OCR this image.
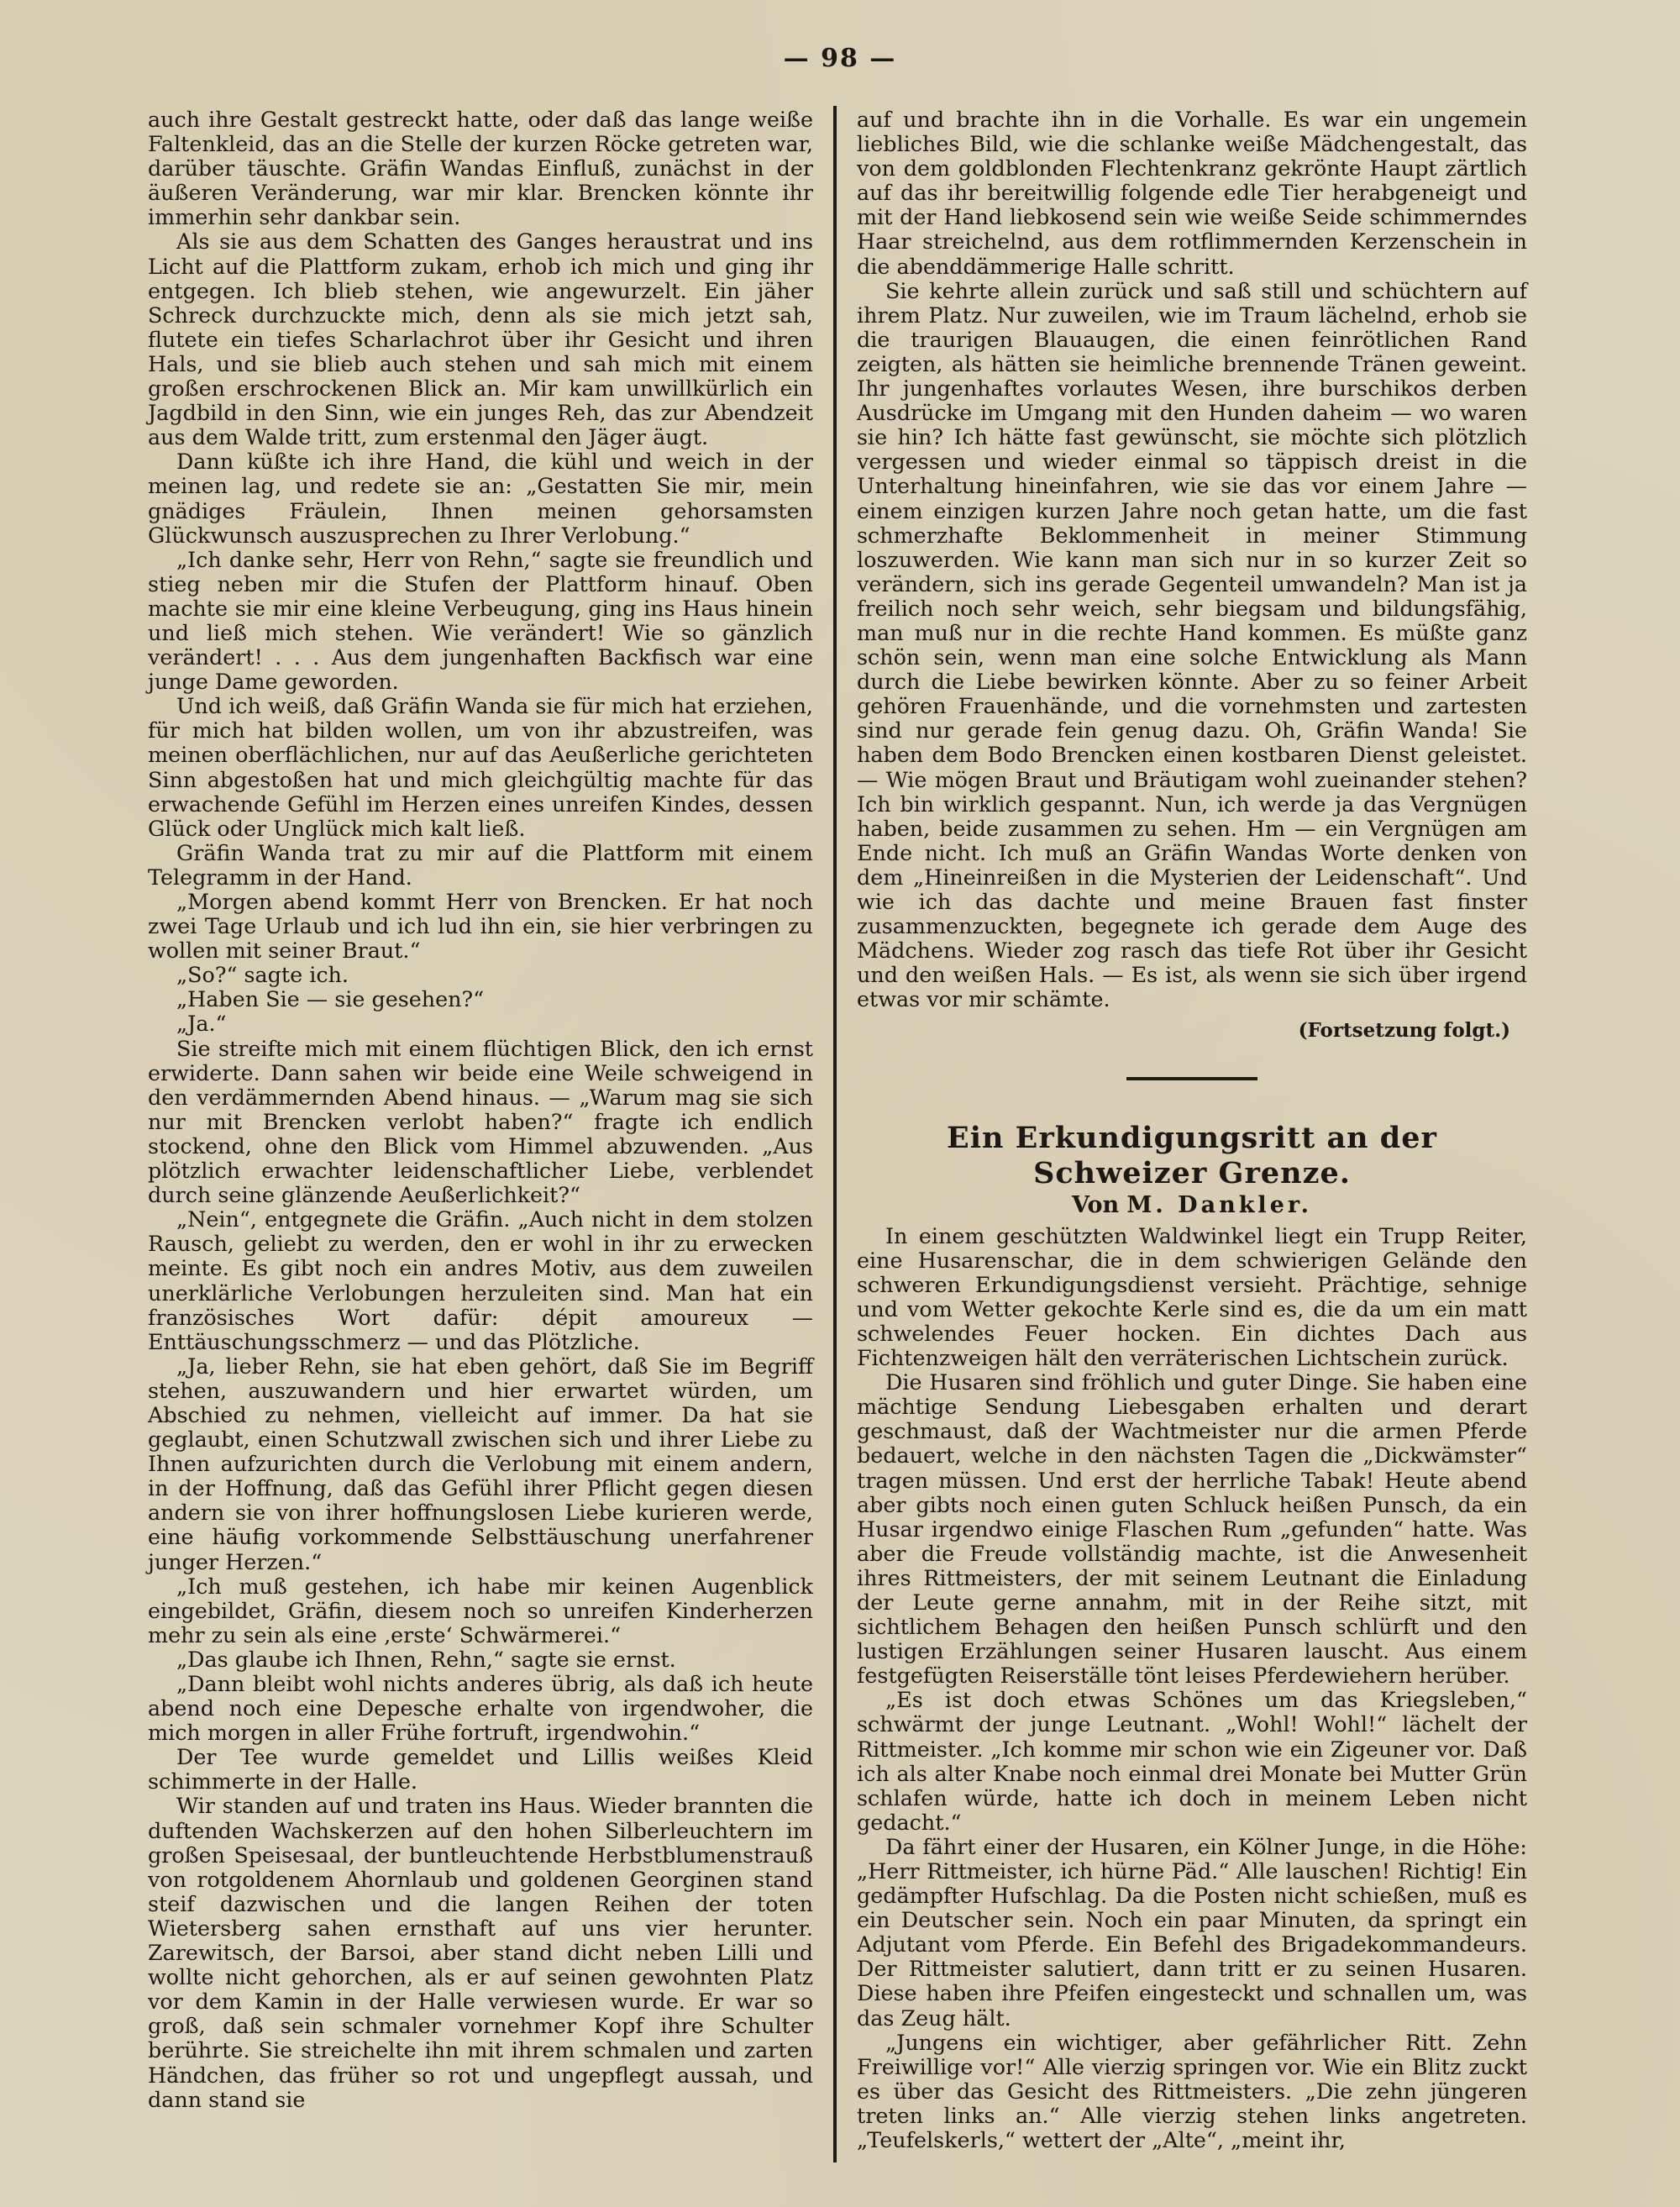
— 98 —

auch ihre Gestalt gestreckt hatte, oder daß das lange weiße Faltenkleid, das an die Stelle der kurzen Röcke getreten war, darüber täuschte. Gräfin Wandas Einfluß, zunächst in der äußeren Veränderung, war mir klar. Brencken könnte ihr immerhin sehr dankbar sein.

Als sie aus dem Schatten des Ganges heraustrat und ins Licht auf die Plattform zukam, erhob ich mich und ging ihr entgegen. Ich blieb stehen, wie angewurzelt. Ein jäher Schreck durchzuckte mich, denn als sie mich jetzt sah, flutete ein tiefes Scharlachrot über ihr Gesicht und ihren Hals, und sie blieb auch stehen und sah mich mit einem großen erschrockenen Blick an. Mir kam unwillkürlich ein Jagdbild in den Sinn, wie ein junges Reh, das zur Abendzeit aus dem Walde tritt, zum erstenmal den Jäger äugt.

Dann küßte ich ihre Hand, die kühl und weich in der meinen lag, und redete sie an: „Gestatten Sie mir, mein gnädiges Fräulein, Ihnen meinen gehorsamsten Glückwunsch auszusprechen zu Ihrer Verlobung.“

„Ich danke sehr, Herr von Rehn,“ sagte sie freundlich und stieg neben mir die Stufen der Plattform hinauf. Oben machte sie mir eine kleine Verbeugung, ging ins Haus hinein und ließ mich stehen. Wie verändert! Wie so gänzlich verändert! . . . Aus dem jungenhaften Backfisch war eine junge Dame geworden.

Und ich weiß, daß Gräfin Wanda sie für mich hat erziehen, für mich hat bilden wollen, um von ihr abzustreifen, was meinen oberflächlichen, nur auf das Aeußerliche gerichteten Sinn abgestoßen hat und mich gleichgültig machte für das erwachende Gefühl im Herzen eines unreifen Kindes, dessen Glück oder Unglück mich kalt ließ.

Gräfin Wanda trat zu mir auf die Plattform mit einem Telegramm in der Hand.

„Morgen abend kommt Herr von Brencken. Er hat noch zwei Tage Urlaub und ich lud ihn ein, sie hier verbringen zu wollen mit seiner Braut.“

„So?“ sagte ich.

„Haben Sie — sie gesehen?“

„Ja.“

Sie streifte mich mit einem flüchtigen Blick, den ich ernst erwiderte. Dann sahen wir beide eine Weile schweigend in den verdämmernden Abend hinaus. — „Warum mag sie sich nur mit Brencken verlobt haben?“ fragte ich endlich stockend, ohne den Blick vom Himmel abzuwenden. „Aus plötzlich erwachter leidenschaftlicher Liebe, verblendet durch seine glänzende Aeußerlichkeit?“

„Nein“, entgegnete die Gräfin. „Auch nicht in dem stolzen Rausch, geliebt zu werden, den er wohl in ihr zu erwecken meinte. Es gibt noch ein andres Motiv, aus dem zuweilen unerklärliche Verlobungen herzuleiten sind. Man hat ein französisches Wort dafür: dépit amoureux — Enttäuschungsschmerz — und das Plötzliche.

„Ja, lieber Rehn, sie hat eben gehört, daß Sie im Begriff stehen, auszuwandern und hier erwartet würden, um Abschied zu nehmen, vielleicht auf immer. Da hat sie geglaubt, einen Schutzwall zwischen sich und ihrer Liebe zu Ihnen aufzurichten durch die Verlobung mit einem andern, in der Hoffnung, daß das Gefühl ihrer Pflicht gegen diesen andern sie von ihrer hoffnungslosen Liebe kurieren werde, eine häufig vorkommende Selbsttäuschung unerfahrener junger Herzen.“

„Ich muß gestehen, ich habe mir keinen Augenblick eingebildet, Gräfin, diesem noch so unreifen Kinderherzen mehr zu sein als eine ‚erste‘ Schwärmerei.“

„Das glaube ich Ihnen, Rehn,“ sagte sie ernst.

„Dann bleibt wohl nichts anderes übrig, als daß ich heute abend noch eine Depesche erhalte von irgendwoher, die mich morgen in aller Frühe fortruft, irgendwohin.“

Der Tee wurde gemeldet und Lillis weißes Kleid schimmerte in der Halle.

Wir standen auf und traten ins Haus. Wieder brannten die duftenden Wachskerzen auf den hohen Silberleuchtern im großen Speisesaal, der buntleuchtende Herbstblumenstrauß von rotgoldenem Ahornlaub und goldenen Georginen stand steif dazwischen und die langen Reihen der toten Wietersberg sahen ernsthaft auf uns vier herunter. Zarewitsch, der Barsoi, aber stand dicht neben Lilli und wollte nicht gehorchen, als er auf seinen gewohnten Platz vor dem Kamin in der Halle verwiesen wurde. Er war so groß, daß sein schmaler vornehmer Kopf ihre Schulter berührte. Sie streichelte ihn mit ihrem schmalen und zarten Händchen, das früher so rot und ungepflegt aussah, und dann stand sie

auf und brachte ihn in die Vorhalle. Es war ein ungemein liebliches Bild, wie die schlanke weiße Mädchengestalt, das von dem goldblonden Flechtenkranz gekrönte Haupt zärtlich auf das ihr bereitwillig folgende edle Tier herabgeneigt und mit der Hand liebkosend sein wie weiße Seide schimmerndes Haar streichelnd, aus dem rotflimmernden Kerzenschein in die abenddämmerige Halle schritt.

Sie kehrte allein zurück und saß still und schüchtern auf ihrem Platz. Nur zuweilen, wie im Traum lächelnd, erhob sie die traurigen Blauaugen, die einen feinrötlichen Rand zeigten, als hätten sie heimliche brennende Tränen geweint. Ihr jungenhaftes vorlautes Wesen, ihre burschikos derben Ausdrücke im Umgang mit den Hunden daheim — wo waren sie hin? Ich hätte fast gewünscht, sie möchte sich plötzlich vergessen und wieder einmal so täppisch dreist in die Unterhaltung hineinfahren, wie sie das vor einem Jahre — einem einzigen kurzen Jahre noch getan hatte, um die fast schmerzhafte Beklommenheit in meiner Stimmung loszuwerden. Wie kann man sich nur in so kurzer Zeit so verändern, sich ins gerade Gegenteil umwandeln? Man ist ja freilich noch sehr weich, sehr biegsam und bildungsfähig, man muß nur in die rechte Hand kommen. Es müßte ganz schön sein, wenn man eine solche Entwicklung als Mann durch die Liebe bewirken könnte. Aber zu so feiner Arbeit gehören Frauenhände, und die vornehmsten und zartesten sind nur gerade fein genug dazu. Oh, Gräfin Wanda! Sie haben dem Bodo Brencken einen kostbaren Dienst geleistet. — Wie mögen Braut und Bräutigam wohl zueinander stehen? Ich bin wirklich gespannt. Nun, ich werde ja das Vergnügen haben, beide zusammen zu sehen. Hm — ein Vergnügen am Ende nicht. Ich muß an Gräfin Wandas Worte denken von dem „Hineinreißen in die Mysterien der Leidenschaft“. Und wie ich das dachte und meine Brauen fast finster zusammenzuckten, begegnete ich gerade dem Auge des Mädchens. Wieder zog rasch das tiefe Rot über ihr Gesicht und den weißen Hals. — Es ist, als wenn sie sich über irgend etwas vor mir schämte.

(Fortsetzung folgt.)
Ein Erkundigungsritt an der Schweizer Grenze.
Von M. Dankler.

In einem geschützten Waldwinkel liegt ein Trupp Reiter, eine Husarenschar, die in dem schwierigen Gelände den schweren Erkundigungsdienst versieht. Prächtige, sehnige und vom Wetter gekochte Kerle sind es, die da um ein matt schwelendes Feuer hocken. Ein dichtes Dach aus Fichtenzweigen hält den verräterischen Lichtschein zurück.

Die Husaren sind fröhlich und guter Dinge. Sie haben eine mächtige Sendung Liebesgaben erhalten und derart geschmaust, daß der Wachtmeister nur die armen Pferde bedauert, welche in den nächsten Tagen die „Dickwämster“ tragen müssen. Und erst der herrliche Tabak! Heute abend aber gibts noch einen guten Schluck heißen Punsch, da ein Husar irgendwo einige Flaschen Rum „gefunden“ hatte. Was aber die Freude vollständig machte, ist die Anwesenheit ihres Rittmeisters, der mit seinem Leutnant die Einladung der Leute gerne annahm, mit in der Reihe sitzt, mit sichtlichem Behagen den heißen Punsch schlürft und den lustigen Erzählungen seiner Husaren lauscht. Aus einem festgefügten Reiserställe tönt leises Pferdewiehern herüber.

„Es ist doch etwas Schönes um das Kriegsleben,“ schwärmt der junge Leutnant. „Wohl! Wohl!“ lächelt der Rittmeister. „Ich komme mir schon wie ein Zigeuner vor. Daß ich als alter Knabe noch einmal drei Monate bei Mutter Grün schlafen würde, hatte ich doch in meinem Leben nicht gedacht.“

Da fährt einer der Husaren, ein Kölner Junge, in die Höhe: „Herr Rittmeister, ich hürne Päd.“ Alle lauschen! Richtig! Ein gedämpfter Hufschlag. Da die Posten nicht schießen, muß es ein Deutscher sein. Noch ein paar Minuten, da springt ein Adjutant vom Pferde. Ein Befehl des Brigadekommandeurs. Der Rittmeister salutiert, dann tritt er zu seinen Husaren. Diese haben ihre Pfeifen eingesteckt und schnallen um, was das Zeug hält.

„Jungens ein wichtiger, aber gefährlicher Ritt. Zehn Freiwillige vor!“ Alle vierzig springen vor. Wie ein Blitz zuckt es über das Gesicht des Rittmeisters. „Die zehn jüngeren treten links an.“ Alle vierzig stehen links angetreten. „Teufelskerls,“ wettert der „Alte“, „meint ihr,
